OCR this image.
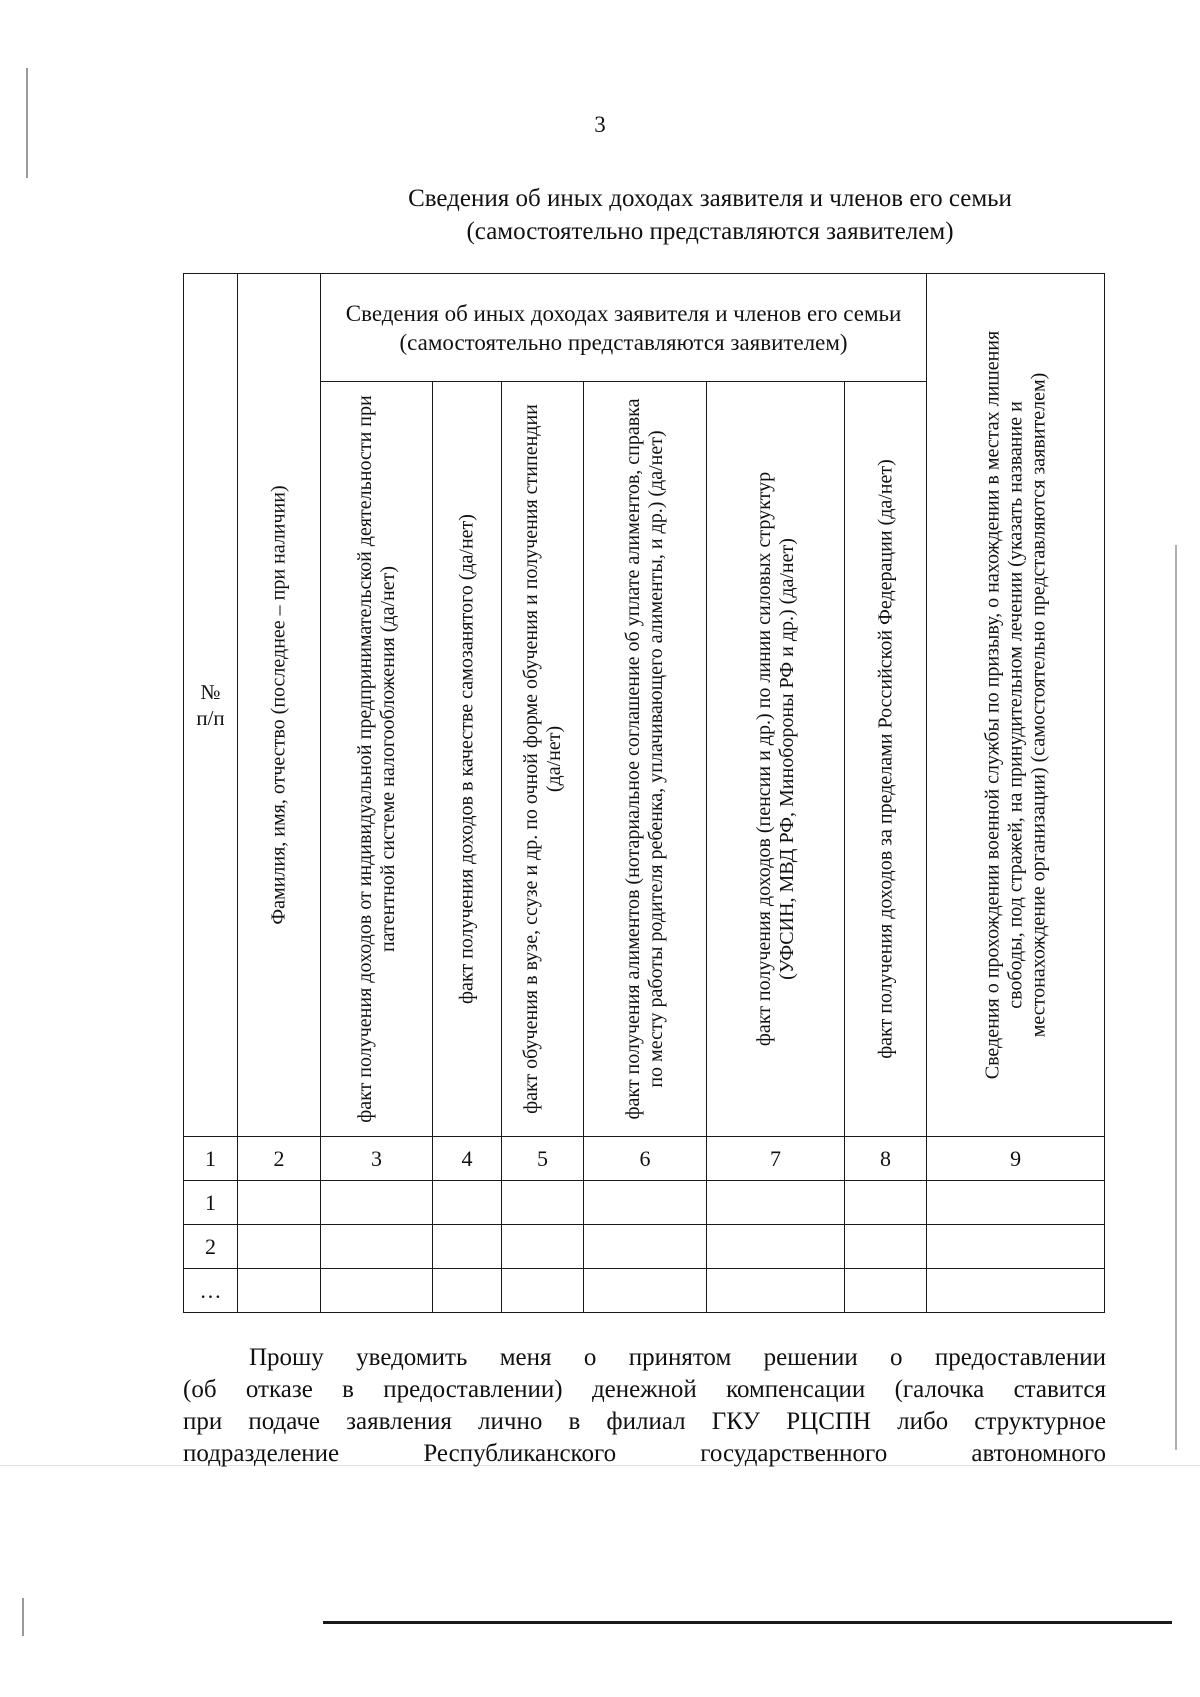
3
Сведения об иных доходах заявителя и членов его семьи
(самостоятельно представляются заявителем)
№ п/п	Фамилия, имя, отчество (последнее – при наличии)	Сведения об иных доходах заявителя и членов его семьи (самостоятельно представляются заявителем)						Сведения о прохождении военной службы по призыву, о нахождении в местах лишения свободы, под стражей, на принудительном лечении (указать название и местонахождение организации) (самостоятельно представляются заявителем)

		факт получения доходов от индивидуальной предпринимательской деятельности при патентной системе налогообложения (да/нет)	факт получения доходов в качестве самозанятого (да/нет)	факт обучения в вузе, ссузе и др. по очной форме обучения и получения стипендии (да/нет)	факт получения алиментов (нотариальное соглашение об уплате алиментов, справка по месту работы родителя ребенка, уплачивающего алименты, и др.) (да/нет)	факт получения доходов (пенсии и др.) по линии силовых структур (УФСИН, МВД РФ, Минобороны РФ и др.) (да/нет)	факт получения доходов за пределами Российской Федерации (да/нет)	

1	2	3	4	5	6	7	8	9
1								
2								
…								
Прошу уведомить меня о принятом решении о предоставлении
(об отказе в предоставлении) денежной компенсации (галочка ставится
при подаче заявления лично в филиал ГКУ РЦСПН либо структурное
подразделение Республиканского государственного автономного
